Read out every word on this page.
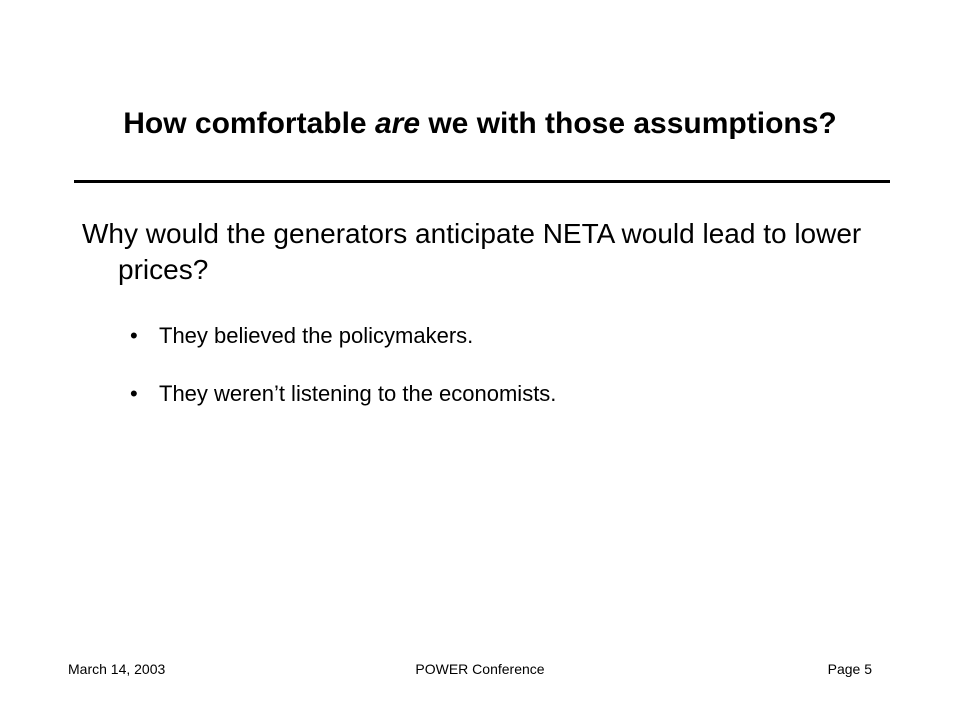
How comfortable are we with those assumptions?
Why would the generators anticipate NETA would lead to lower prices?
• They believed the policymakers.
• They weren’t listening to the economists.
March 14, 2003	POWER Conference	Page 5
